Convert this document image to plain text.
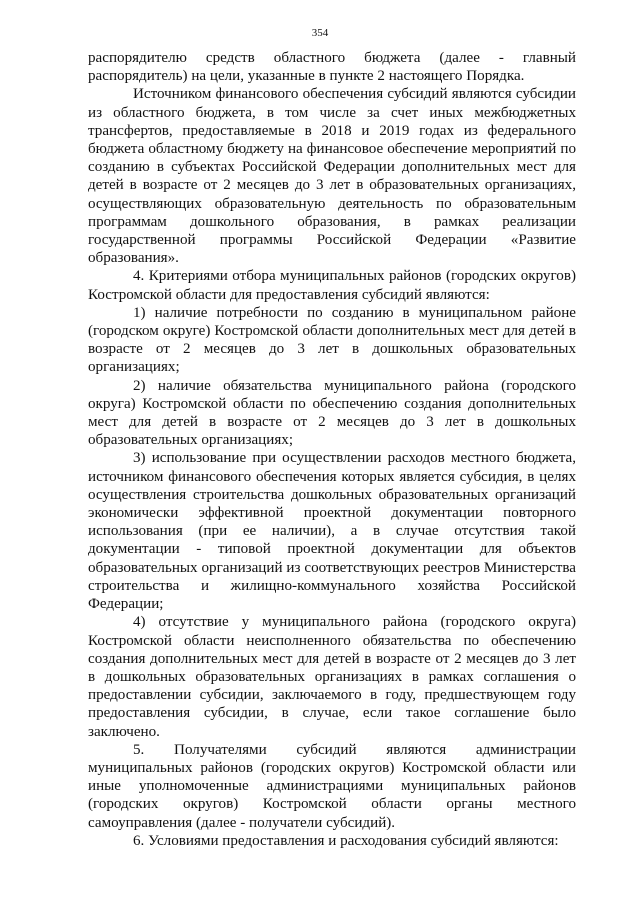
354

распорядителю средств областного бюджета (далее - главный распорядитель) на цели, указанные в пункте 2 настоящего Порядка.

Источником финансового обеспечения субсидий являются субсидии из областного бюджета, в том числе за счет иных межбюджетных трансфертов, предоставляемые в 2018 и 2019 годах из федерального бюджета областному бюджету на финансовое обеспечение мероприятий по созданию в субъектах Российской Федерации дополнительных мест для детей в возрасте от 2 месяцев до 3 лет в образовательных организациях, осуществляющих образовательную деятельность по образовательным программам дошкольного образования, в рамках реализации государственной программы Российской Федерации «Развитие образования».

4. Критериями отбора муниципальных районов (городских округов) Костромской области для предоставления субсидий являются:

1) наличие потребности по созданию в муниципальном районе (городском округе) Костромской области дополнительных мест для детей в возрасте от 2 месяцев до 3 лет в дошкольных образовательных организациях;

2) наличие обязательства муниципального района (городского округа) Костромской области по обеспечению создания дополнительных мест для детей в возрасте от 2 месяцев до 3 лет в дошкольных образовательных организациях;

3) использование при осуществлении расходов местного бюджета, источником финансового обеспечения которых является субсидия, в целях осуществления строительства дошкольных образовательных организаций экономически эффективной проектной документации повторного использования (при ее наличии), а в случае отсутствия такой документации - типовой проектной документации для объектов образовательных организаций из соответствующих реестров Министерства строительства и жилищно-коммунального хозяйства Российской Федерации;

4) отсутствие у муниципального района (городского округа) Костромской области неисполненного обязательства по обеспечению создания дополнительных мест для детей в возрасте от 2 месяцев до 3 лет в дошкольных образовательных организациях в рамках соглашения о предоставлении субсидии, заключаемого в году, предшествующем году предоставления субсидии, в случае, если такое соглашение было заключено.

5. Получателями субсидий являются администрации муниципальных районов (городских округов) Костромской области или иные уполномоченные администрациями муниципальных районов (городских округов) Костромской области органы местного самоуправления (далее - получатели субсидий).

6. Условиями предоставления и расходования субсидий являются:
